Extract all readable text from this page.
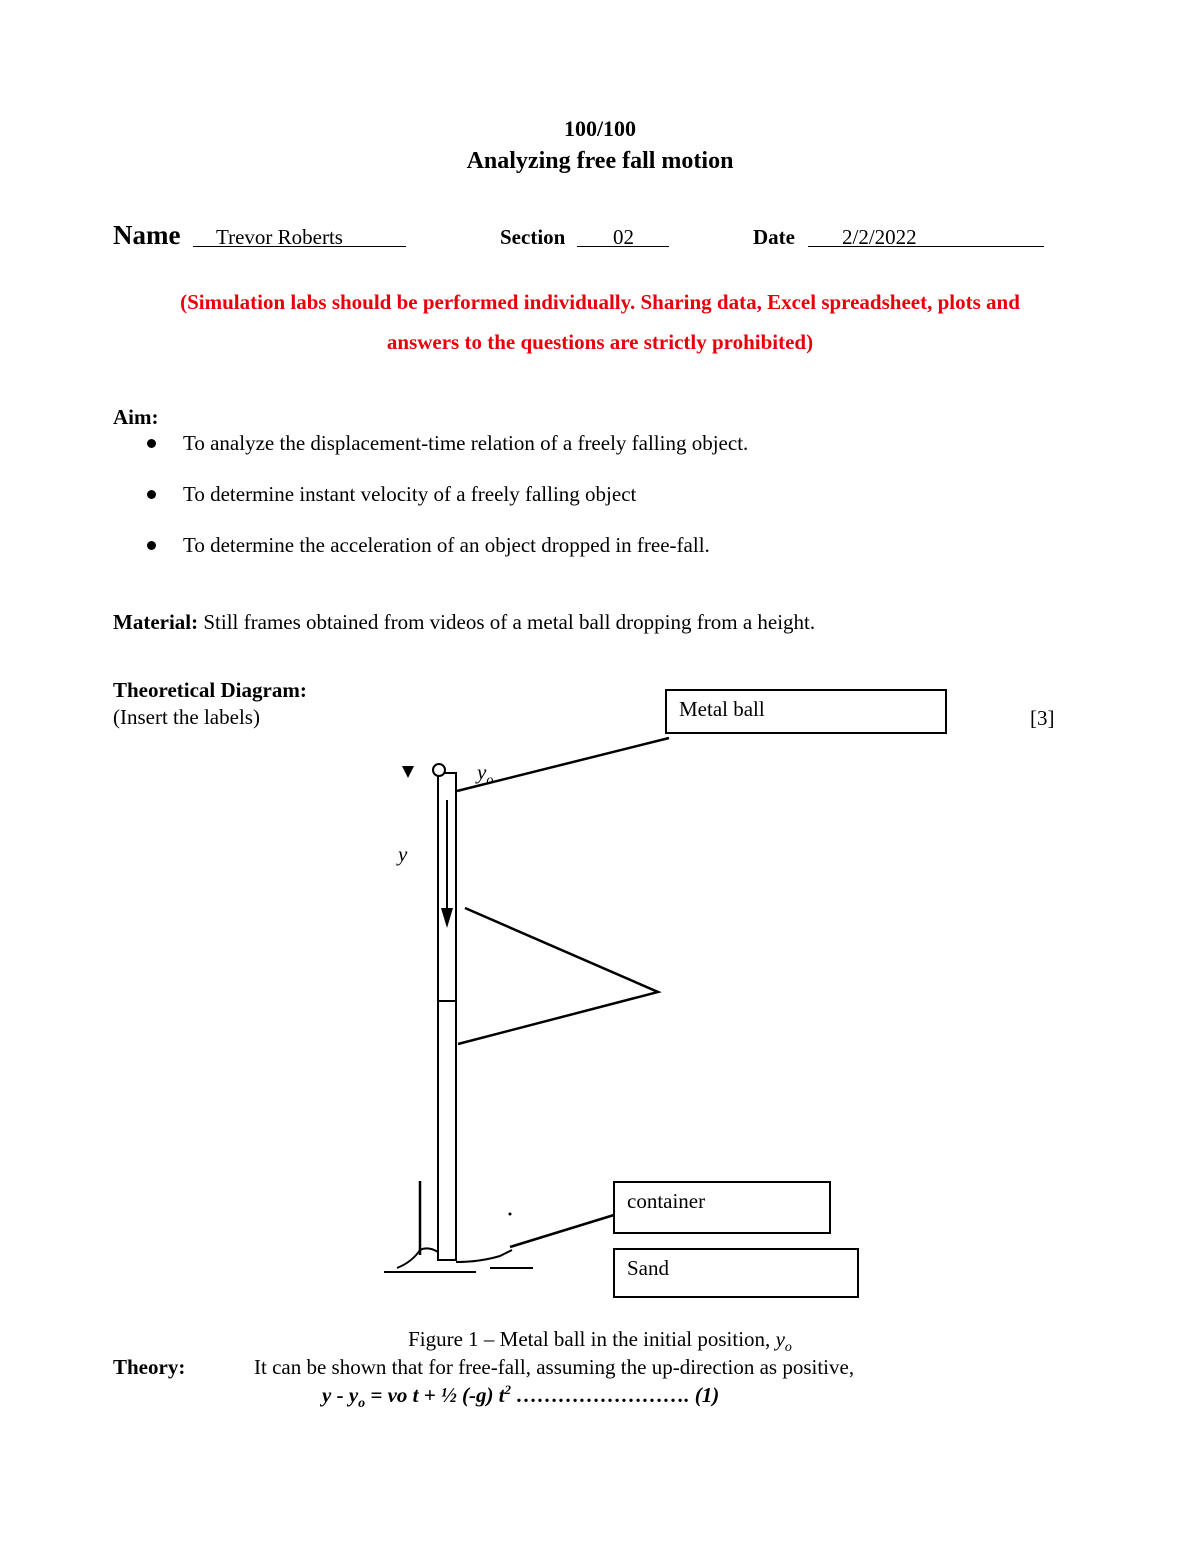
100/100
Analyzing free fall motion
Name Trevor Roberts	Section 02	Date 2/2/2022
(Simulation labs should be performed individually. Sharing data, Excel spreadsheet, plots and
answers to the questions are strictly prohibited)
Aim:
To analyze the displacement-time relation of a freely falling object.
To determine instant velocity of a freely falling object
To determine the acceleration of an object dropped in free-fall.
Material: Still frames obtained from videos of a metal ball dropping from a height.
Theoretical Diagram:
(Insert the labels)	[3]
$y_o$
y
Metal ball
container
Sand
Figure 1 – Metal ball in the initial position, $y_o$
Theory:	It can be shown that for free-fall, assuming the up-direction as positive,
y - $y_o$ = vo t + ½ (-g) $t^2$ ……………………. (1)
